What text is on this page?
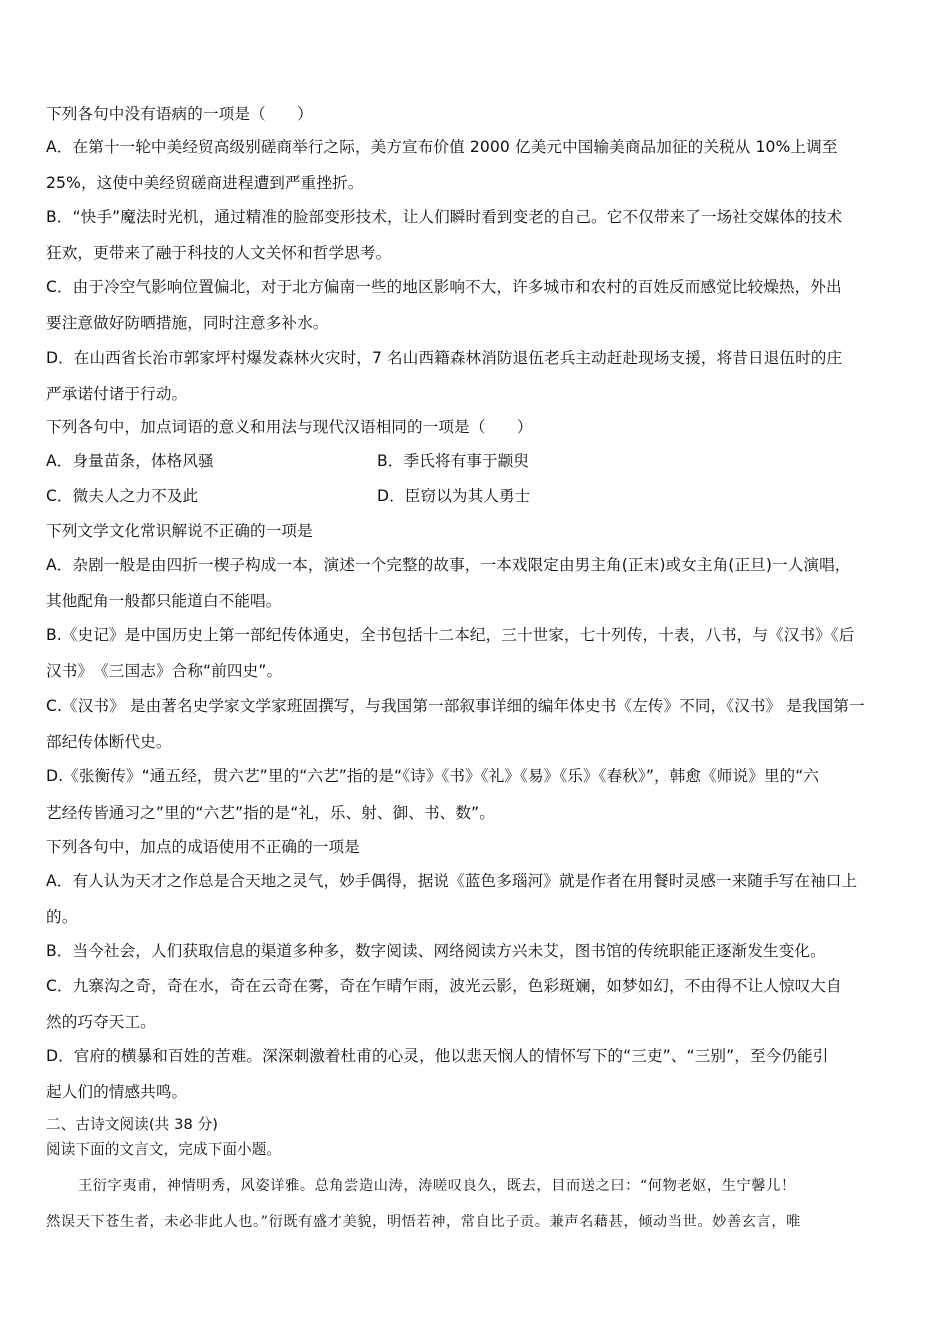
下列各句中没有语病的一项是（　　）
A．在第十一轮中美经贸高级别磋商举行之际，美方宣布价值 2000 亿美元中国输美商品加征的关税从 10%上调至
25%，这使中美经贸磋商进程遭到严重挫折。
B．“快手”魔法时光机，通过精准的脸部变形技术，让人们瞬时看到变老的自己。它不仅带来了一场社交媒体的技术
狂欢，更带来了融于科技的人文关怀和哲学思考。
C．由于冷空气影响位置偏北，对于北方偏南一些的地区影响不大，许多城市和农村的百姓反而感觉比较燥热，外出
要注意做好防晒措施，同时注意多补水。
D．在山西省长治市郭家坪村爆发森林火灾时，7 名山西籍森林消防退伍老兵主动赶赴现场支援，将昔日退伍时的庄
严承诺付诸于行动。
下列各句中，加点词语的意义和用法与现代汉语相同的一项是（　　）
A．身量苗条，体格风骚	B．季氏将有事于颛臾
C．微夫人之力不及此	D．臣窃以为其人勇士
下列文学文化常识解说不正确的一项是
A．杂剧一般是由四折一楔子构成一本，演述一个完整的故事，一本戏限定由男主角(正末)或女主角(正旦)一人演唱，
其他配角一般都只能道白不能唱。
B.《史记》是中国历史上第一部纪传体通史，全书包括十二本纪，三十世家，七十列传，十表，八书，与《汉书》《后
汉书》　《三国志》合称“前四史”。
C.《汉书》 是由著名史学家文学家班固撰写，与我国第一部叙事详细的编年体史书《左传》不同，《汉书》 是我国第一
部纪传体断代史。
D.《张衡传》“通五经，贯六艺”里的“六艺”指的是“《诗》《书》《礼》《易》《乐》《春秋》”，韩愈《师说》里的“六
艺经传皆通习之”里的“六艺”指的是“礼，乐、射、御、书、数”。
下列各句中，加点的成语使用不正确的一项是
A．有人认为天才之作总是合天地之灵气，妙手偶得，据说《蓝色多瑙河》就是作者在用餐时灵感一来随手写在袖口上
的。
B．当今社会，人们获取信息的渠道多种多，数字阅读、网络阅读方兴未艾，图书馆的传统职能正逐渐发生变化。
C．九寨沟之奇，奇在水，奇在云奇在雾，奇在乍晴乍雨，波光云影，色彩斑斓，如梦如幻，不由得不让人惊叹大自
然的巧夺天工。
D．官府的横暴和百姓的苦难。深深刺激着杜甫的心灵，他以悲天悯人的情怀写下的“三吏”、“三别”，至今仍能引
起人们的情感共鸣。
二、古诗文阅读(共 38 分)
阅读下面的文言文，完成下面小题。
王衍字夷甫，神情明秀，风姿详雅。总角尝造山涛，涛嗟叹良久，既去，目而送之曰：“何物老妪，生宁馨儿！
然误天下苍生者，未必非此人也。”衍既有盛才美貌，明悟若神，常自比子贡。兼声名藉甚，倾动当世。妙善玄言，唯
